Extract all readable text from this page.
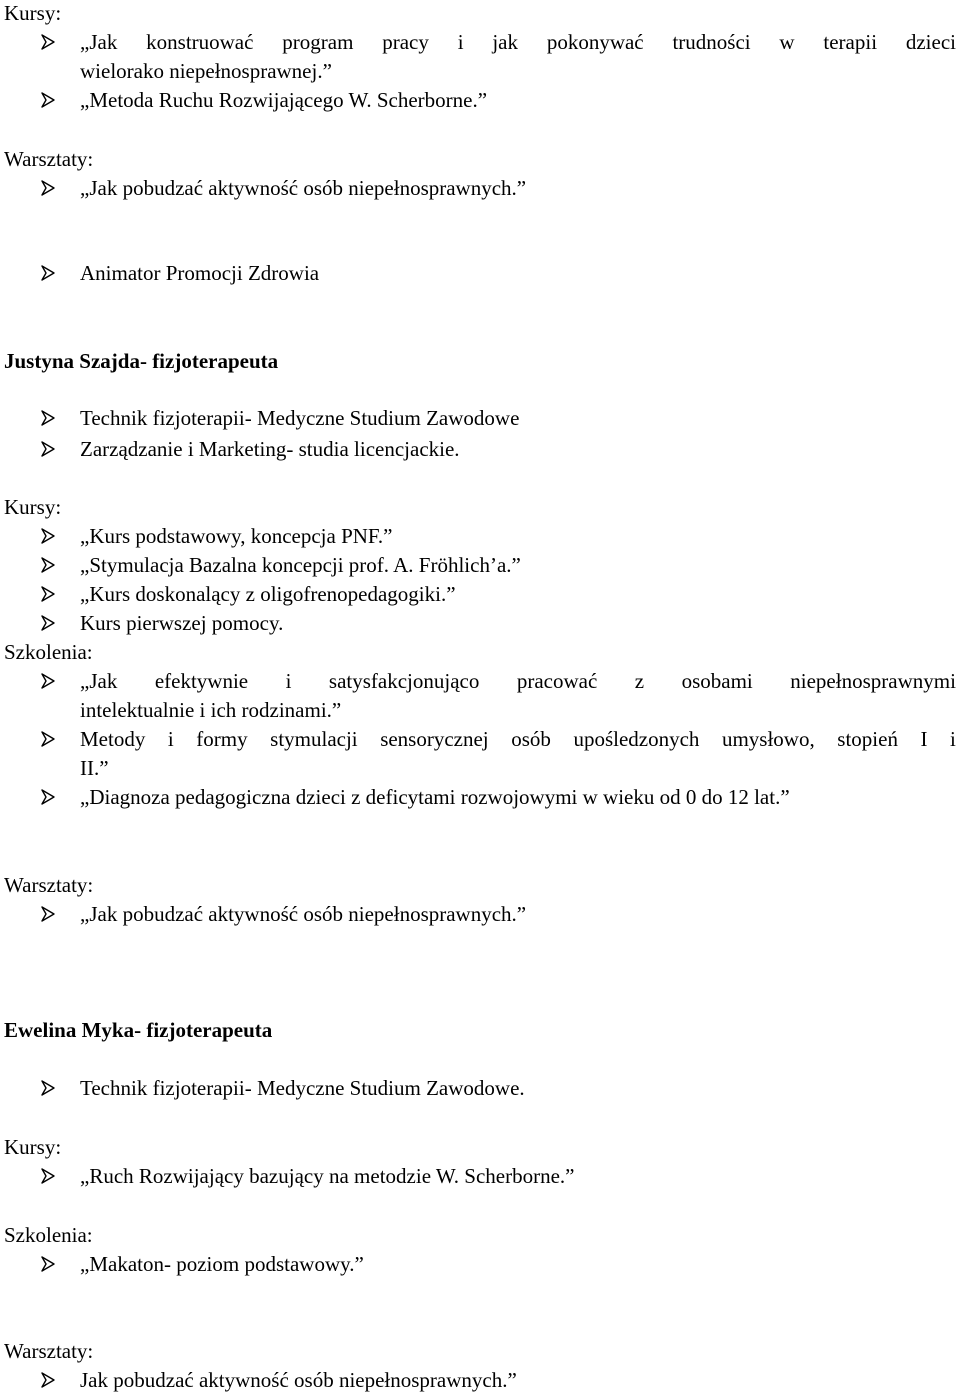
Kursy:
„Jak konstruować program pracy i jak pokonywać trudności w terapii dzieci
wielorako niepełnosprawnej.”
„Metoda Ruchu Rozwijającego W. Scherborne.”
Warsztaty:
„Jak pobudzać aktywność osób niepełnosprawnych.”
Animator Promocji Zdrowia
Justyna Szajda- fizjoterapeuta
Technik fizjoterapii- Medyczne Studium Zawodowe
Zarządzanie i Marketing- studia licencjackie.
Kursy:
„Kurs podstawowy, koncepcja PNF.”
„Stymulacja Bazalna koncepcji prof. A. Fröhlich’a.”
„Kurs doskonalący z oligofrenopedagogiki.”
Kurs pierwszej pomocy.
Szkolenia:
„Jak efektywnie i satysfakcjonująco pracować z osobami niepełnosprawnymi
intelektualnie i ich rodzinami.”
Metody i formy stymulacji sensorycznej osób upośledzonych umysłowo, stopień I i
II.”
„Diagnoza pedagogiczna dzieci z deficytami rozwojowymi w wieku od 0 do 12 lat.”
Warsztaty:
„Jak pobudzać aktywność osób niepełnosprawnych.”
Ewelina Myka- fizjoterapeuta
Technik fizjoterapii- Medyczne Studium Zawodowe.
Kursy:
„Ruch Rozwijający bazujący na metodzie W. Scherborne.”
Szkolenia:
„Makaton- poziom podstawowy.”
Warsztaty:
Jak pobudzać aktywność osób niepełnosprawnych.”
